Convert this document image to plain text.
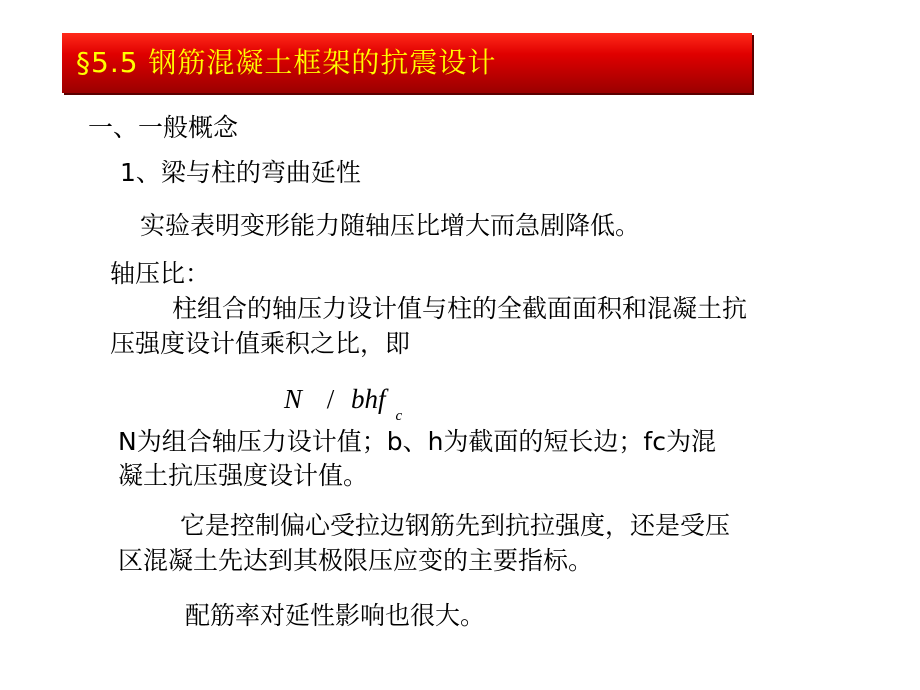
§5.5 钢筋混凝土框架的抗震设计
一、一般概念
1、梁与柱的弯曲延性
实验表明变形能力随轴压比增大而急剧降低。
轴压比：
柱组合的轴压力设计值与柱的全截面面积和混凝土抗
压强度设计值乘积之比，即
N / bhfc
N为组合轴压力设计值；b、h为截面的短长边；fc为混
凝土抗压强度设计值。
它是控制偏心受拉边钢筋先到抗拉强度，还是受压
区混凝土先达到其极限压应变的主要指标。
配筋率对延性影响也很大。
